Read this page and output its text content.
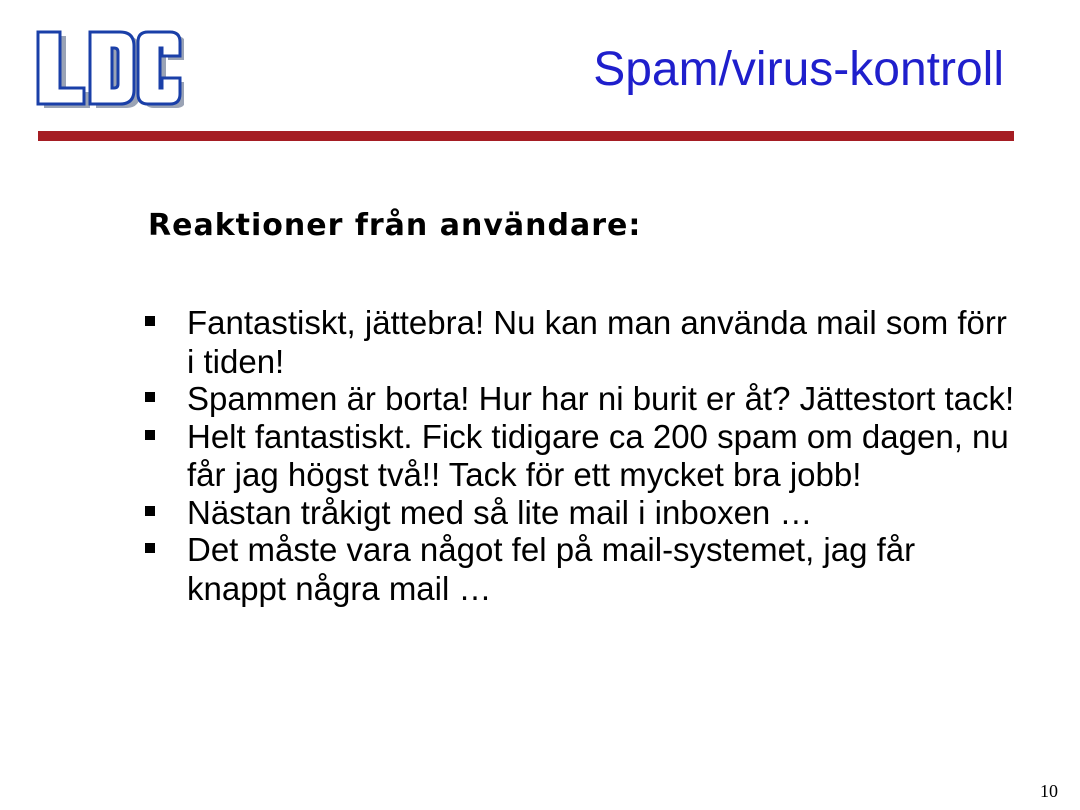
Spam/virus-kontroll
Reaktioner från användare:
Fantastiskt, jättebra! Nu kan man använda mail som förr i tiden!
Spammen är borta! Hur har ni burit er åt? Jättestort tack!
Helt fantastiskt. Fick tidigare ca 200 spam om dagen, nu får jag högst två!! Tack för ett mycket bra jobb!
Nästan tråkigt med så lite mail i inboxen …
Det måste vara något fel på mail-systemet, jag får knappt några mail …
10
